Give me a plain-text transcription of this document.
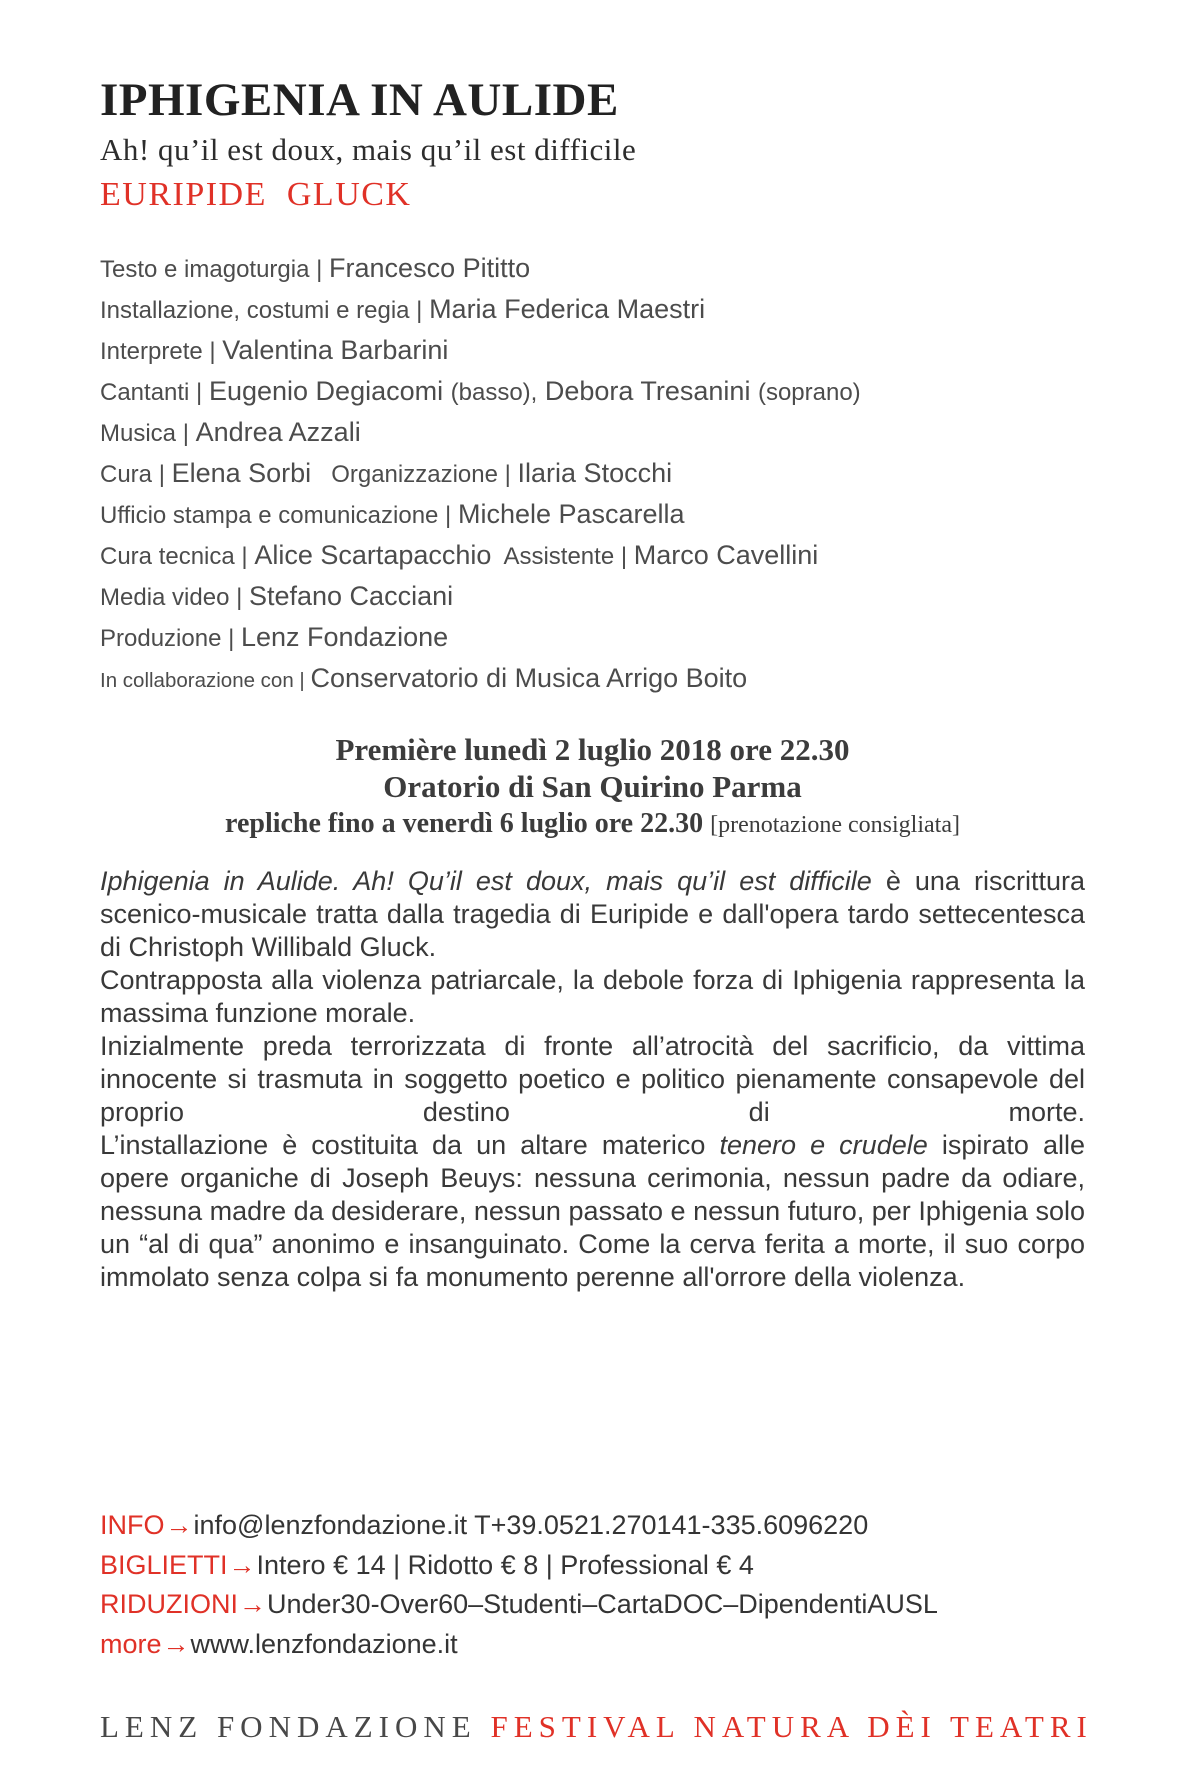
IPHIGENIA IN AULIDE
Ah! qu’il est doux, mais qu’il est difficile
EURIPIDE  GLUCK
Testo e imagoturgia | Francesco Pititto
Installazione, costumi e regia | Maria Federica Maestri
Interprete | Valentina Barbarini
Cantanti | Eugenio Degiacomi (basso), Debora Tresanini (soprano)
Musica | Andrea Azzali
Cura | Elena Sorbi   Organizzazione | Ilaria Stocchi
Ufficio stampa e comunicazione | Michele Pascarella
Cura tecnica | Alice Scartapacchio  Assistente | Marco Cavellini
Media video | Stefano Cacciani
Produzione | Lenz Fondazione
In collaborazione con | Conservatorio di Musica Arrigo Boito
Première lunedì 2 luglio 2018 ore 22.30
Oratorio di San Quirino Parma
repliche fino a venerdì 6 luglio ore 22.30 [prenotazione consigliata]
Iphigenia in Aulide. Ah! Qu’il est doux, mais qu’il est difficile è una riscrittura scenico-musicale tratta dalla tragedia di Euripide e dall'opera tardo settecentesca di Christoph Willibald Gluck.
Contrapposta alla violenza patriarcale, la debole forza di Iphigenia rappresenta la massima funzione morale.
Inizialmente preda terrorizzata di fronte all’atrocità del sacrificio, da vittima innocente si trasmuta in soggetto poetico e politico pienamente consapevole del proprio destino di morte.
L’installazione è costituita da un altare materico tenero e crudele ispirato alle opere organiche di Joseph Beuys: nessuna cerimonia, nessun padre da odiare, nessuna madre da desiderare, nessun passato e nessun futuro, per Iphigenia solo un “al di qua” anonimo e insanguinato. Come la cerva ferita a morte, il suo corpo immolato senza colpa si fa monumento perenne all'orrore della violenza.
INFO→info@lenzfondazione.it T+39.0521.270141-335.6096220
BIGLIETTI→Intero € 14 | Ridotto € 8 | Professional € 4
RIDUZIONI→Under30-Over60–Studenti–CartaDOC–DipendentiAUSL
more→www.lenzfondazione.it
LENZ FONDAZIONE FESTIVAL NATURA DÈI TEATRI
